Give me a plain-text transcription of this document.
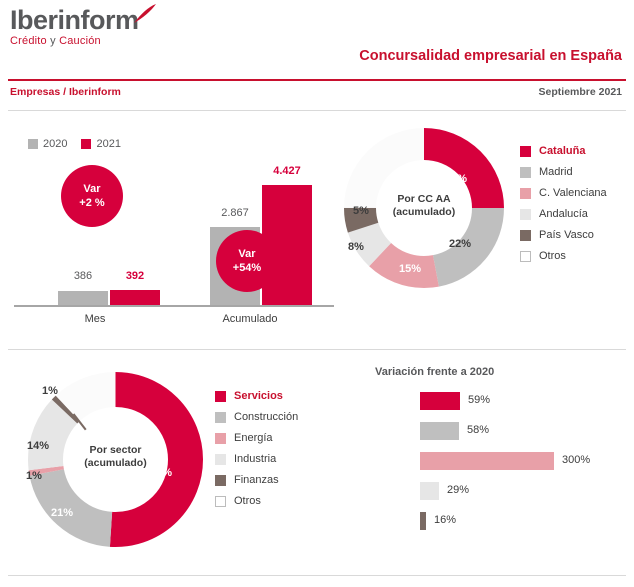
Iberinform
Crédito y Caución
Concursalidad empresarial en España
Empresas / Iberinform	Septiembre 2021
2020	2021
386	392
2.867
4.427
Mes	Acumulado
Var
+2 %
Var
+54%
Por CC AA
(acumulado)
25%
22%
15%
8%
5%
Cataluña
Madrid
C. Valenciana
Andalucía
País Vasco
Otros
Por sector
(acumulado)
51%
21%
1%
14%
1%	Servicios
Construcción
Energía
Industria
Finanzas
Otros
Variación frente a 2020
59%
58%
300%
29%
16%
